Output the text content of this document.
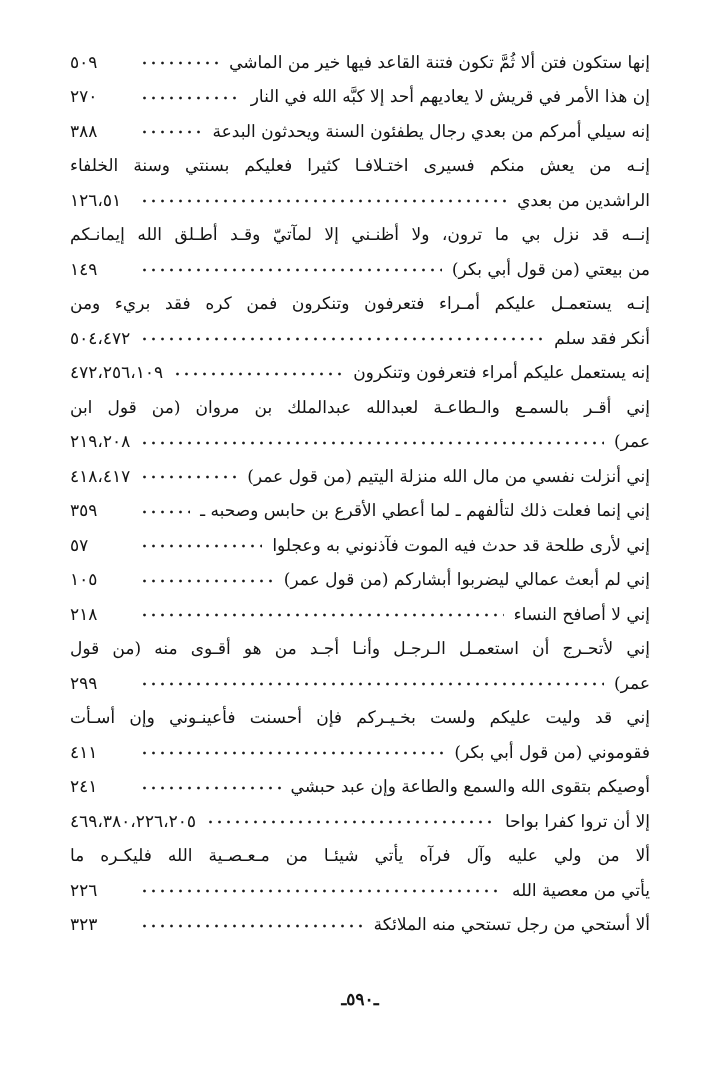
إنها ستكون فتن ألا ثُمَّ تكون فتنة القاعد فيها خير من الماشي
٥٠٩
إن هذا الأمر في قريش لا يعاديهم أحد إلا كبَّه الله في النار
٢٧٠
إنه سيلي أمركم من بعدي رجال يطفئون السنة ويحدثون البدعة
٣٨٨
إنـه من يعش منكم فسيرى اختـلافـا كثيرا فعليكم بسنتي وسنة الخلفاء
الراشدين من بعدي
١٢٦،٥١
إنــه قد نزل بي ما ترون، ولا أظنـني إلا لمآتيّ وقـد أطـلق الله إيمانـكم
من بيعتي (من قول أبي بكر)
١٤٩
إنـه يستعمـل عليكم أمـراء فتعرفون وتنكرون فمن كره فقد بريء ومن
أنكر فقد سلم
٥٠٤،٤٧٢
إنه يستعمل عليكم أمراء فتعرفون وتنكرون
٤٧٢،٢٥٦،١٠٩
إني أقـر بالسمـع والـطاعـة لعبدالله عبدالملك بن مروان (من قول ابن
عمر)
٢١٩،٢٠٨
إني أنزلت نفسي من مال الله منزلة اليتيم (من قول عمر)
٤١٨،٤١٧
إني إنما فعلت ذلك لتألفهم ـ لما أعطي الأقرع بن حابس وصحبه ـ
٣٥٩
إني لأرى طلحة قد حدث فيه الموت فآذنوني به وعجلوا
٥٧
إني لم أبعث عمالي ليضربوا أبشاركم (من قول عمر)
١٠٥
إني لا أصافح النساء
٢١٨
إني لأتحـرج أن استعمـل الـرجـل وأنـا أجـد من هو أقـوى منه (من قول
عمر)
٢٩٩
إني قد وليت عليكم ولست بخـيـركم فإن أحسنت فأعينـوني وإن أسـأت
فقوموني (من قول أبي بكر)
٤١١
أوصيكم بتقوى الله والسمع والطاعة وإن عبد حبشي
٢٤١
إلا أن تروا كفرا بواحا
٤٦٩،٣٨٠،٢٢٦،٢٠٥
ألا من ولي عليه وآل فرآه يأتي شيئـا من مـعـصـية الله فليكـره ما
يأتي من معصية الله
٢٢٦
ألا أستحي من رجل تستحي منه الملائكة
٣٢٣
ـ٥٩٠ـ
